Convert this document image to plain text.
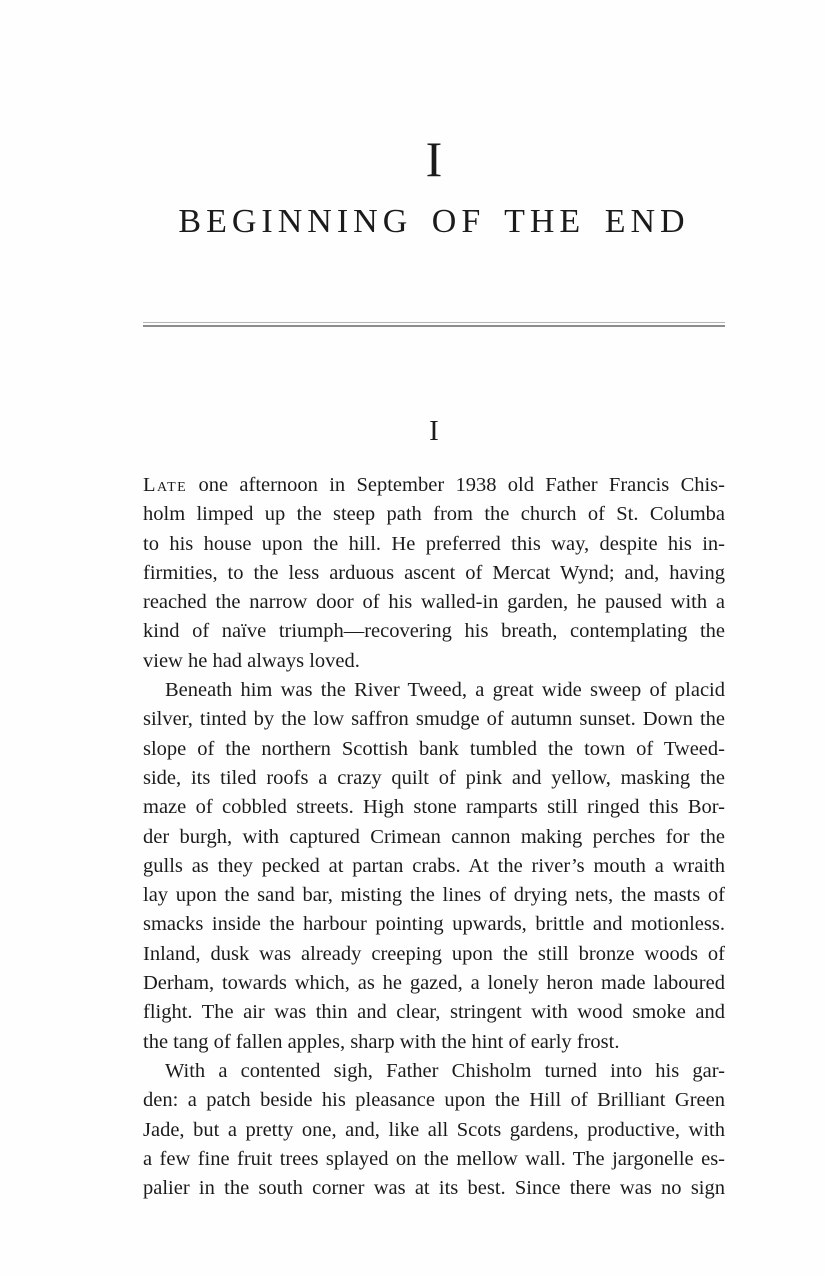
I
BEGINNING OF THE END
I
Late one afternoon in September 1938 old Father Francis Chis-
holm limped up the steep path from the church of St. Columba
to his house upon the hill. He preferred this way, despite his in-
firmities, to the less arduous ascent of Mercat Wynd; and, having
reached the narrow door of his walled-in garden, he paused with a
kind of naïve triumph—recovering his breath, contemplating the
view he had always loved.
Beneath him was the River Tweed, a great wide sweep of placid
silver, tinted by the low saffron smudge of autumn sunset. Down the
slope of the northern Scottish bank tumbled the town of Tweed-
side, its tiled roofs a crazy quilt of pink and yellow, masking the
maze of cobbled streets. High stone ramparts still ringed this Bor-
der burgh, with captured Crimean cannon making perches for the
gulls as they pecked at partan crabs. At the river’s mouth a wraith
lay upon the sand bar, misting the lines of drying nets, the masts of
smacks inside the harbour pointing upwards, brittle and motionless.
Inland, dusk was already creeping upon the still bronze woods of
Derham, towards which, as he gazed, a lonely heron made laboured
flight. The air was thin and clear, stringent with wood smoke and
the tang of fallen apples, sharp with the hint of early frost.
With a contented sigh, Father Chisholm turned into his gar-
den: a patch beside his pleasance upon the Hill of Brilliant Green
Jade, but a pretty one, and, like all Scots gardens, productive, with
a few fine fruit trees splayed on the mellow wall. The jargonelle es-
palier in the south corner was at its best. Since there was no sign
